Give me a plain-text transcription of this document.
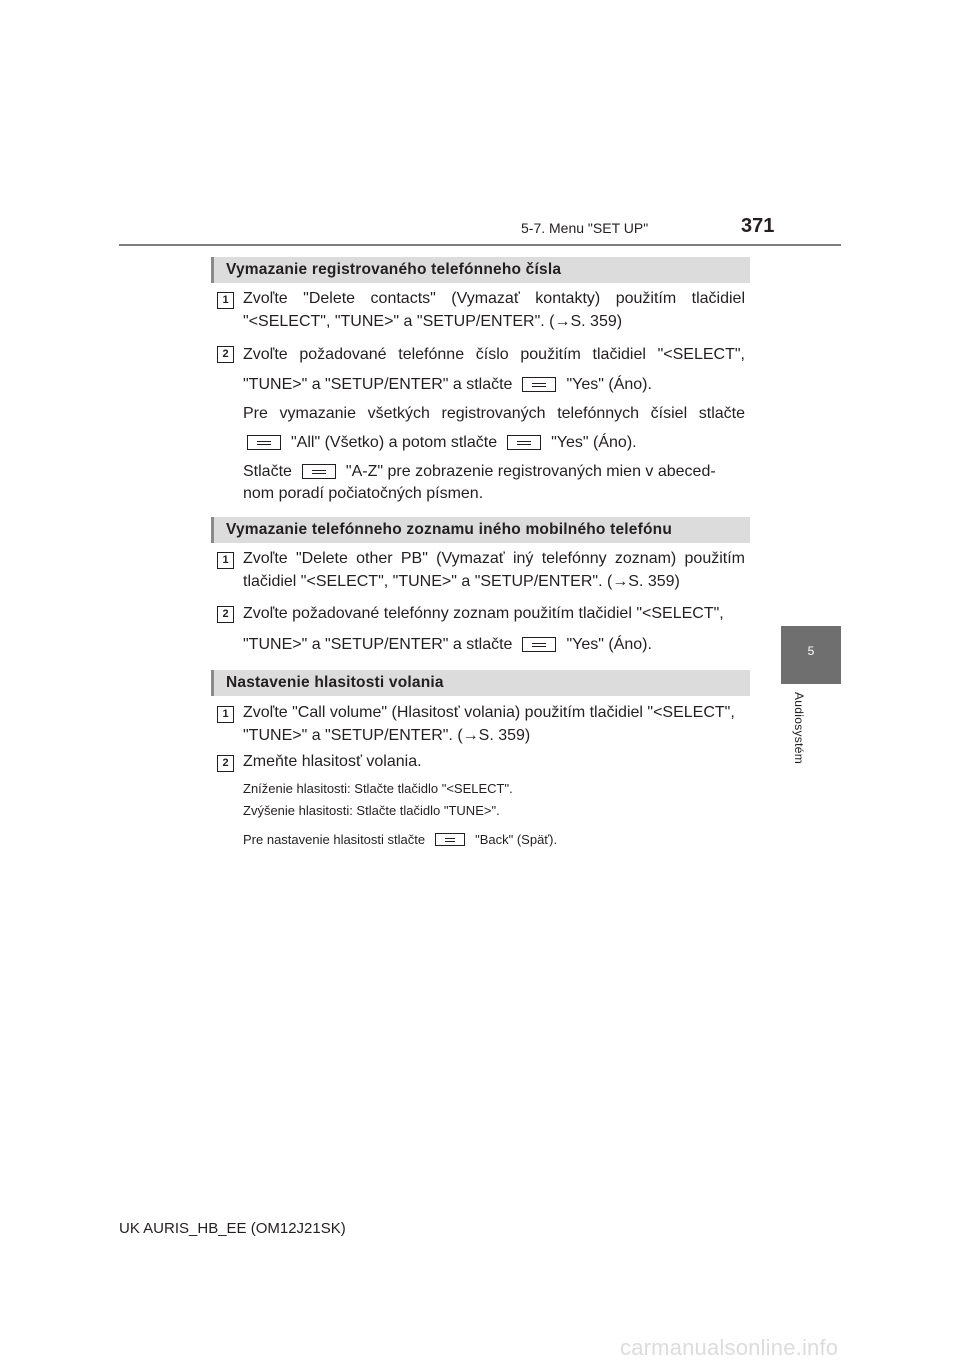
5-7. Menu "SET UP"	371
5
Audiosystém
Vymazanie registrovaného telefónneho čísla
1 Zvoľte "Delete contacts" (Vymazať kontakty) použitím tlačidiel
"<SELECT", "TUNE>" a "SETUP/ENTER". (→S. 359)
2 Zvoľte požadované telefónne číslo použitím tlačidiel "<SELECT",
"TUNE>" a "SETUP/ENTER" a stlačte	"Yes" (Áno).
Pre vymazanie všetkých registrovaných telefónnych čísiel stlačte
"All" (Všetko) a potom stlačte	"Yes" (Áno).
Stlačte	"A-Z" pre zobrazenie registrovaných mien v abeced-
nom poradí počiatočných písmen.
Vymazanie telefónneho zoznamu iného mobilného telefónu
1 Zvoľte "Delete other PB" (Vymazať iný telefónny zoznam) použitím
tlačidiel "<SELECT", "TUNE>" a "SETUP/ENTER". (→S. 359)
2 Zvoľte požadované telefónny zoznam použitím tlačidiel "<SELECT",
"TUNE>" a "SETUP/ENTER" a stlačte	"Yes" (Áno).
Nastavenie hlasitosti volania
1 Zvoľte "Call volume" (Hlasitosť volania) použitím tlačidiel "<SELECT",
"TUNE>" a "SETUP/ENTER". (→S. 359)
2 Zmeňte hlasitosť volania.
Zníženie hlasitosti: Stlačte tlačidlo "<SELECT".
Zvýšenie hlasitosti: Stlačte tlačidlo "TUNE>".
Pre nastavenie hlasitosti stlačte	"Back" (Späť).
UK AURIS_HB_EE (OM12J21SK)
carmanualsonline.info
